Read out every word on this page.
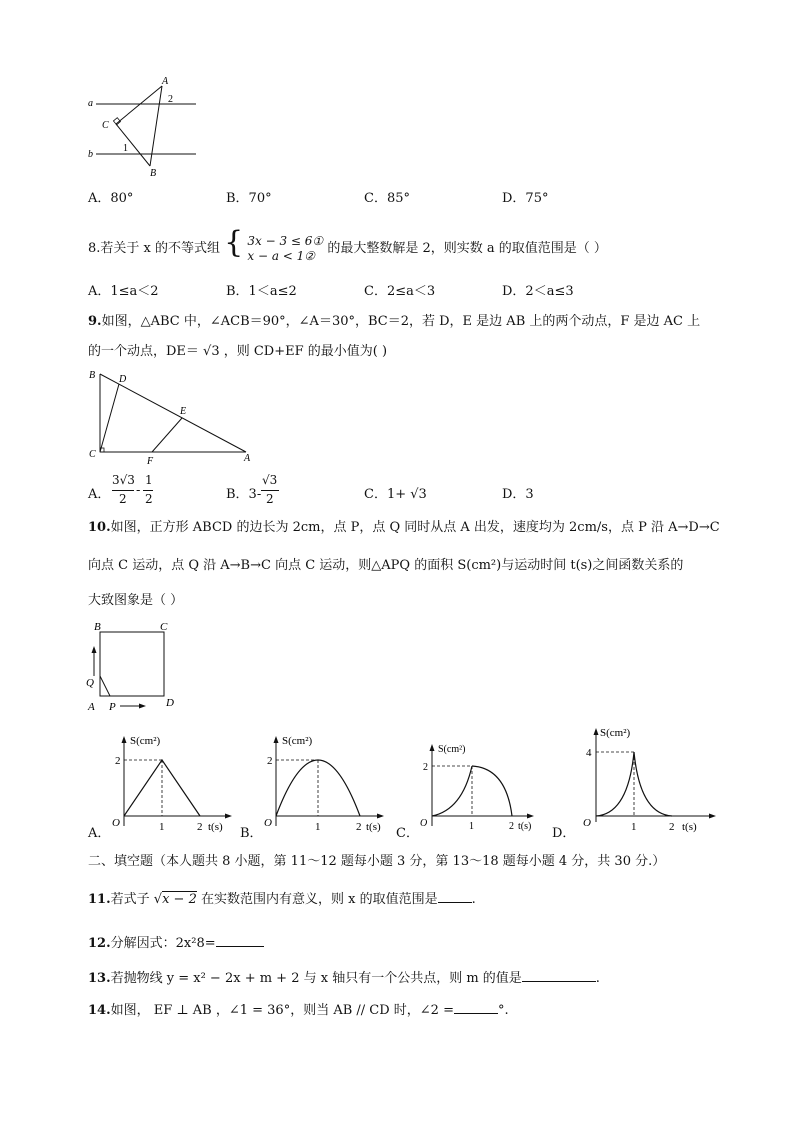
a
b
A
C
B
1
2
A．80°	B．70°	C．85°	D．75°
8.若关于 x 的不等式组 { 3x − 3 ≤ 6①
x − a < 1② 的最大整数解是 2，则实数 a 的取值范围是（ ）
A．1≤a＜2	B．1＜a≤2	C．2≤a＜3	D．2＜a≤3
9.如图，△ABC 中，∠ACB＝90°，∠A＝30°，BC＝2，若 D，E 是边 AB 上的两个动点，F 是边 AC 上
的一个动点，DE＝ √3 ，则 CD+EF 的最小值为( )
B D
E
C
F	A
A．
3√3
2
-
1
2	B．3-
√3
2	C．1+ √3	D．3
10.如图，正方形 ABCD 的边长为 2cm，点 P，点 Q 同时从点 A 出发，速度均为 2cm/s，点 P 沿 A→D→C
向点 C 运动，点 Q 沿 A→B→C 向点 C 运动，则△APQ 的面积 S(cm²)与运动时间 t(s)之间函数关系的
大致图象是（ ）
B	C
Q
A P	D
A．
S(cm²)
2
O	1	2 t(s) B．
S(cm²)
2
O	1	2 t(s) C．
S(cm²)
2
O	1	2 t(s) D．
S(cm²)
4
O	1	2 t(s)
二、填空题（本人题共 8 小题，第 11～12 题每小题 3 分，第 13～18 题每小题 4 分，共 30 分.）
11.若式子 √x − 2 在实数范围内有意义，则 x 的取值范围是	.
12.分解因式：2x²8=
13.若抛物线 y = x² − 2x + m + 2 与 x 轴只有一个公共点，则 m 的值是	.
14.如图， EF ⊥ AB ，∠1 = 36°，则当 AB // CD 时，∠2 =	°.
